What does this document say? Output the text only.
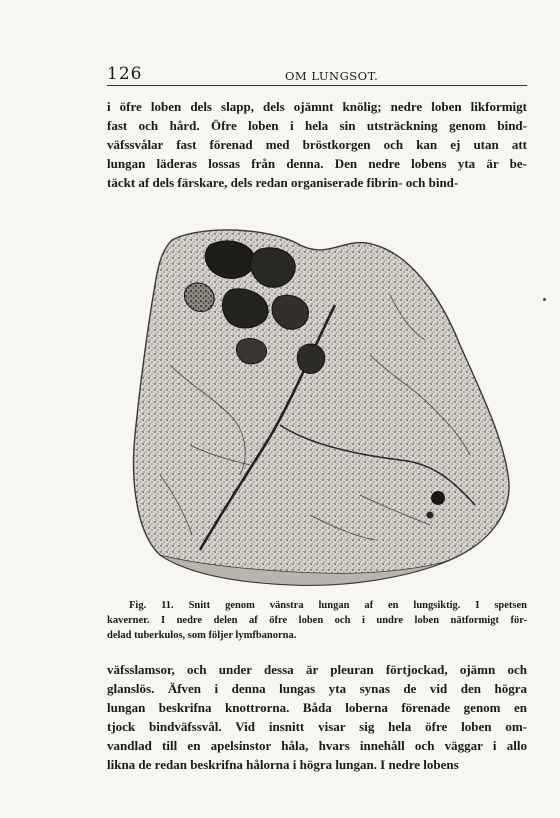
126	OM LUNGSOT.

i öfre loben dels slapp, dels ojämnt knölig; nedre loben likformigt
fast och hård. Öfre loben i hela sin utsträckning genom bind-
väfssvålar fast förenad med bröstkorgen och kan ej utan att
lungan läderas lossas från denna. Den nedre lobens yta är be-
täckt af dels färskare, dels redan organiserade fibrin- och bind-

Fig. 11. Snitt genom vänstra lungan af en lungsiktig. I spetsen
kaverner. I nedre delen af öfre loben och i undre loben nätformigt för-
delad tuberkulos, som följer lymfbanorna.

väfsslamsor, och under dessa är pleuran förtjockad, ojämn och
glanslös. Äfven i denna lungas yta synas de vid den högra
lungan beskrifna knottrorna. Båda loberna förenade genom en
tjock bindväfssvål. Vid insnitt visar sig hela öfre loben om-
vandlad till en apelsinstor håla, hvars innehåll och väggar i allo
likna de redan beskrifna hålorna i högra lungan. I nedre lobens
